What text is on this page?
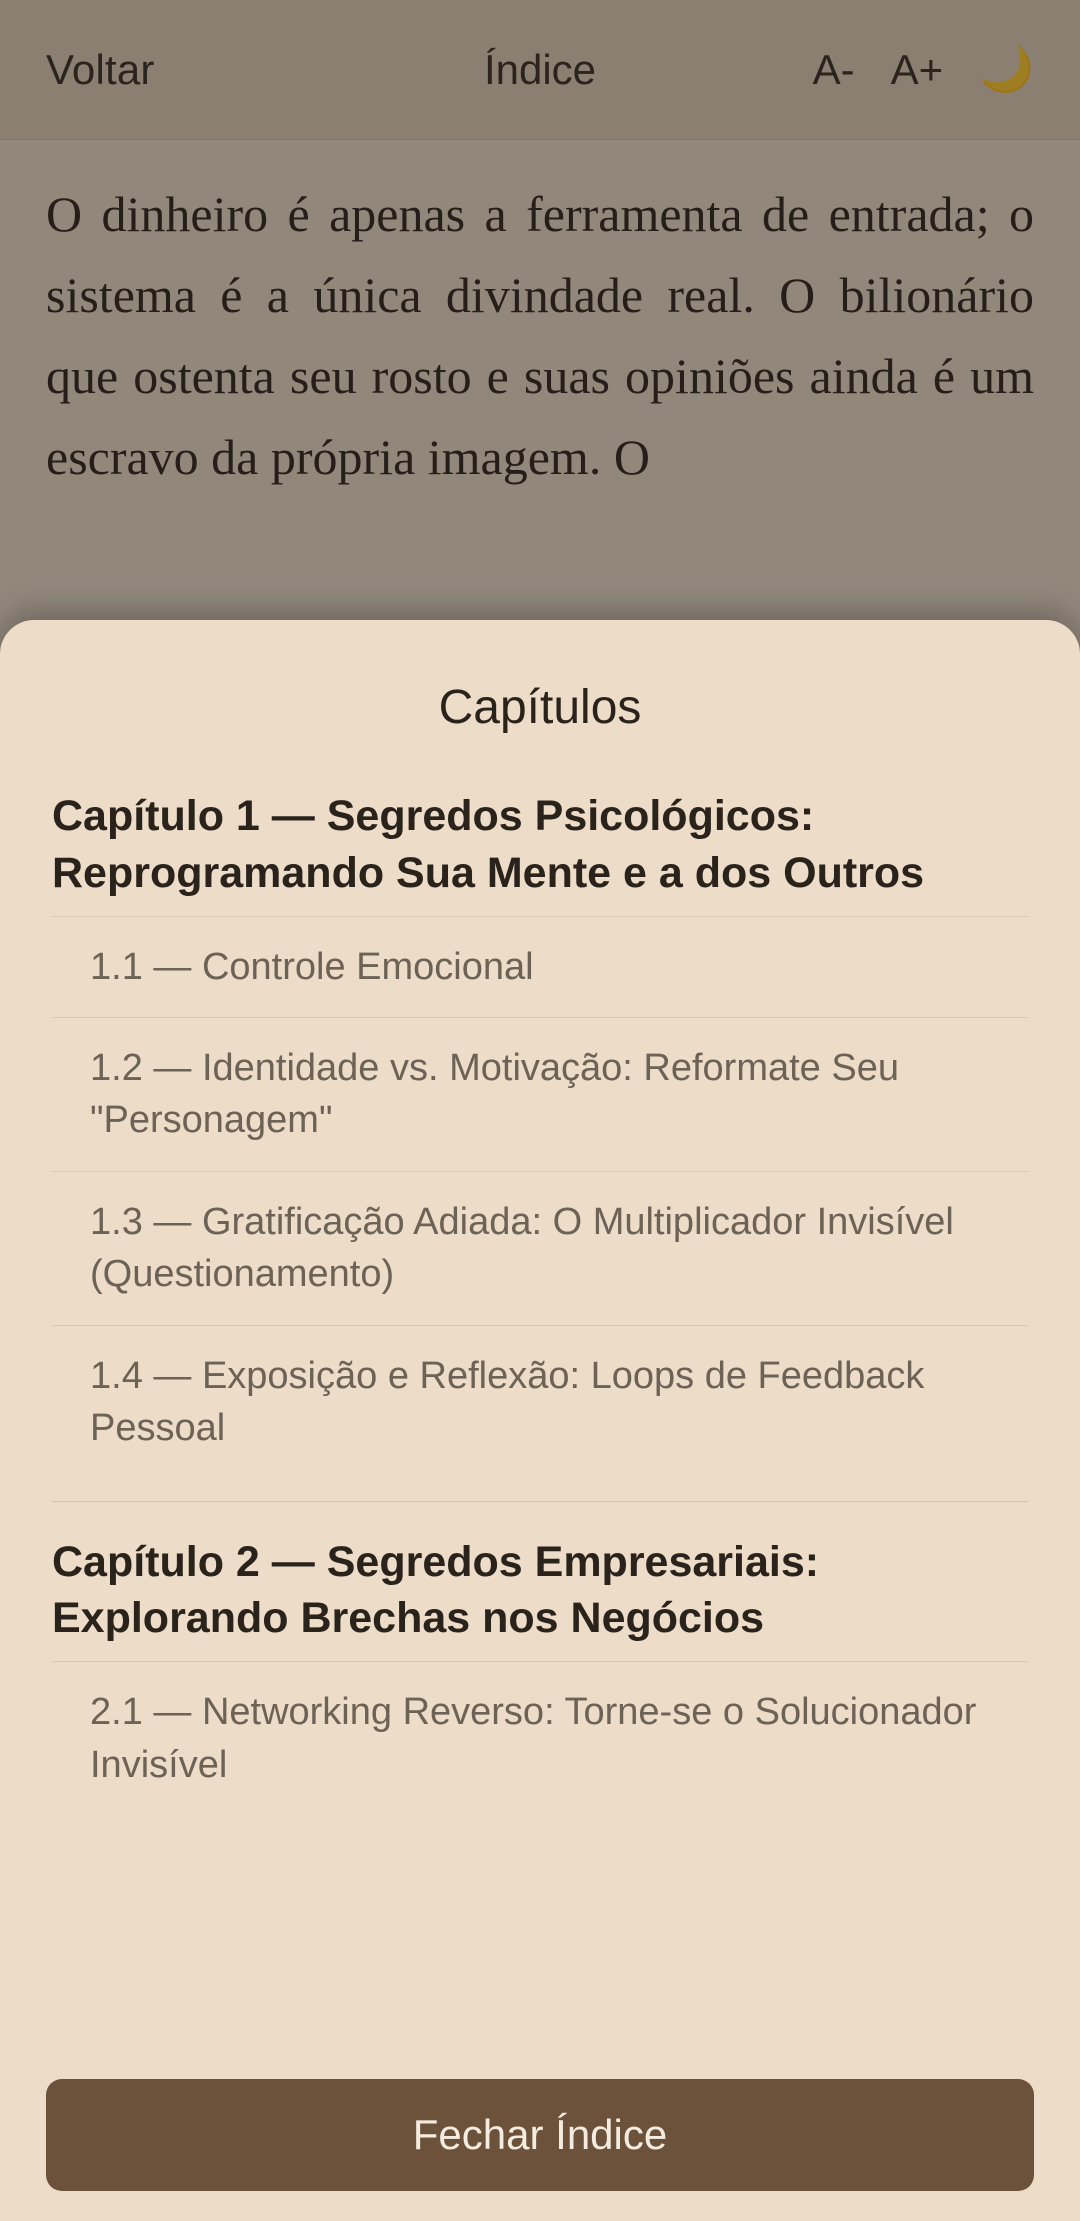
Voltar	Índice	A- A+ 🌙
O dinheiro é apenas a ferramenta de entrada; o sistema é a única divindade real. O bilionário que ostenta seu rosto e suas opiniões ainda é um escravo da própria imagem. O
Capítulos
Capítulo 1 — Segredos Psicológicos: Reprogramando Sua Mente e a dos Outros
1.1 — Controle Emocional
1.2 — Identidade vs. Motivação: Reformate Seu "Personagem"
1.3 — Gratificação Adiada: O Multiplicador Invisível (Questionamento)
1.4 — Exposição e Reflexão: Loops de Feedback Pessoal
Capítulo 2 — Segredos Empresariais: Explorando Brechas nos Negócios
2.1 — Networking Reverso: Torne-se o Solucionador Invisível
Fechar Índice
